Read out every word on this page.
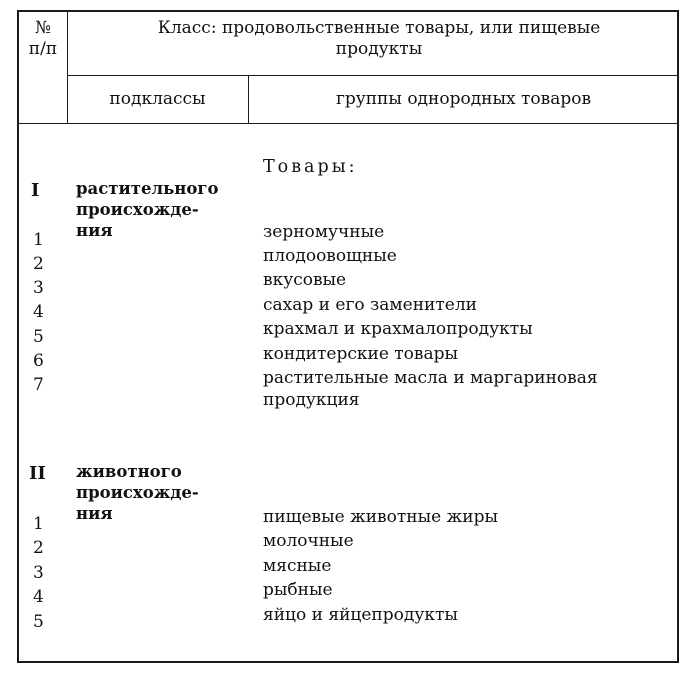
№
п/п
Класс: продовольственные товары, или пищевые продукты
подклассы	группы однородных товаров
Товары:
I растительного
происхожде-
ния
1	зерномучные
2	плодоовощные
3	вкусовые
4	сахар и его заменители
5	крахмал и крахмалопродукты
6	кондитерские товары
7	растительные масла и маргариновая продукция
II животного
происхожде-
ния
1	пищевые животные жиры
2	молочные
3	мясные
4	рыбные
5	яйцо и яйцепродукты
